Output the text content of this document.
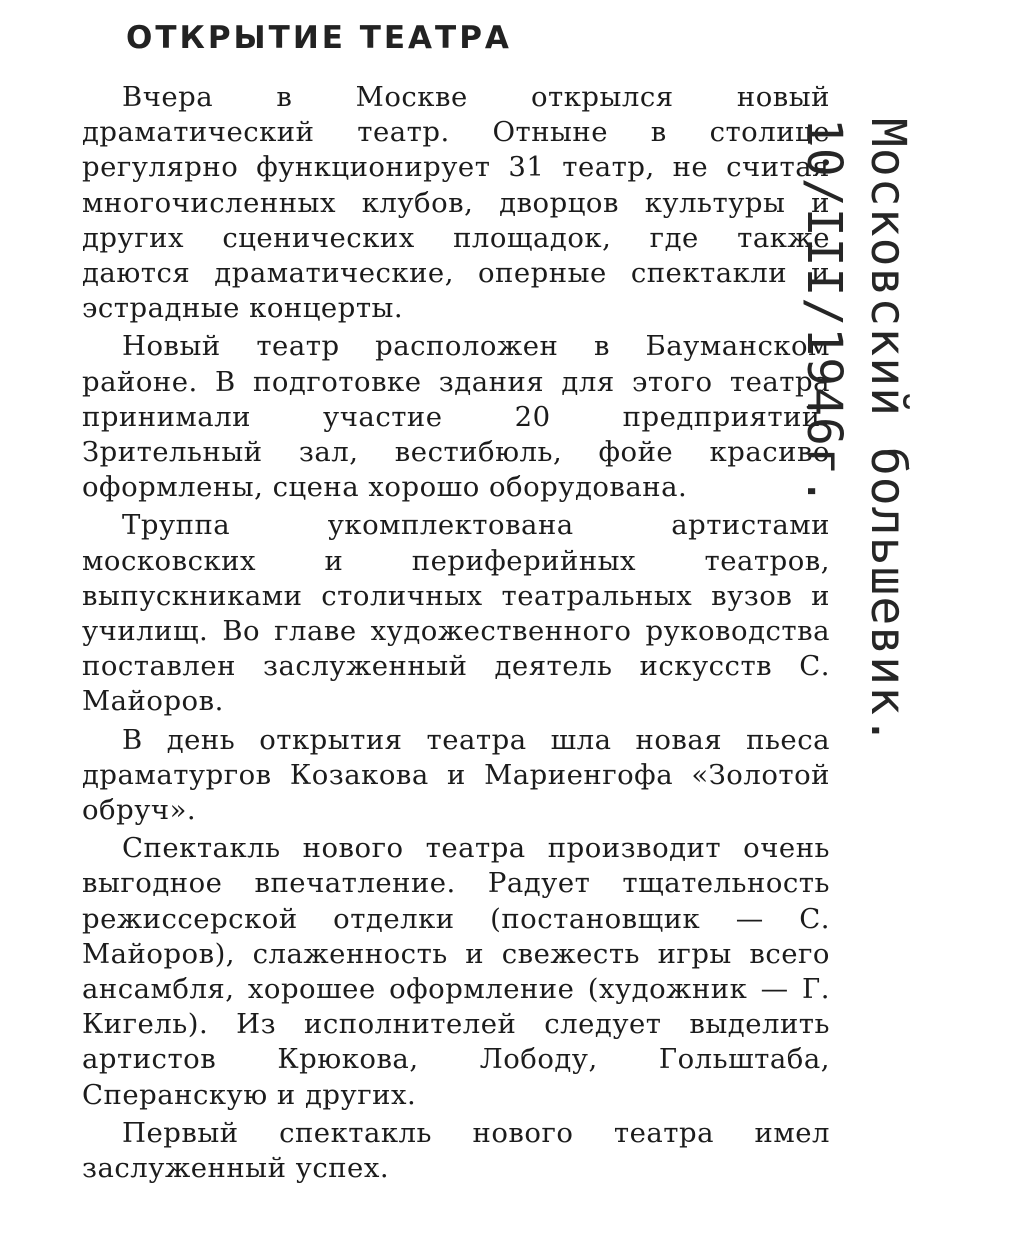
ОТКРЫТИЕ ТЕАТРА

Вчера в Москве открылся новый драматический театр. Отныне в столице регулярно функционирует 31 театр, не считая многочисленных клубов, дворцов культуры и других сценических площадок, где также даются драматические, оперные спектакли и эстрадные концерты.

Новый театр расположен в Бауманском районе. В подготовке здания для этого театра принимали участие 20 предприятий. Зрительный зал, вестибюль, фойе красиво оформлены, сцена хорошо оборудована.

Труппа укомплектована артистами московских и периферийных театров, выпускниками столичных театральных вузов и училищ. Во главе художественного руководства поставлен заслуженный деятель искусств С. Майоров.

В день открытия театра шла новая пьеса драматургов Козакова и Мариенгофа «Золотой обруч».

Спектакль нового театра производит очень выгодное впечатление. Радует тщательность режиссерской отделки (постановщик — С. Майоров), слаженность и свежесть игры всего ансамбля, хорошее оформление (художник — Г. Кигель). Из исполнителей следует выделить артистов Крюкова, Лободу, Гольштаба, Сперанскую и других.

Первый спектакль нового театра имел заслуженный успех.

Московский большевик.
10/III/1946г.
